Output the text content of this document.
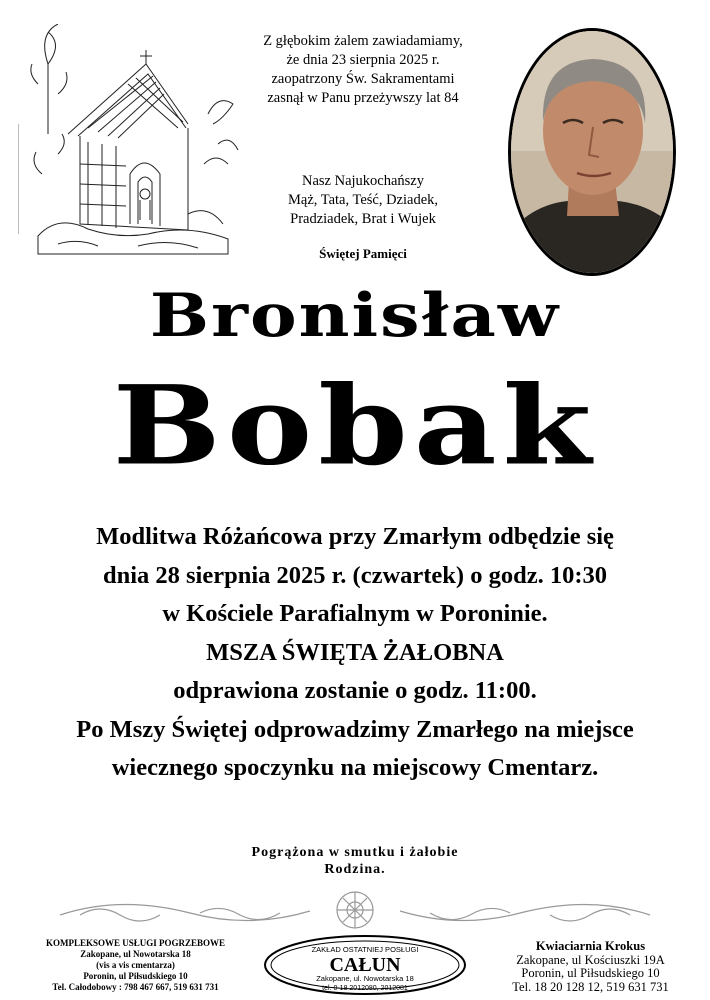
Z głębokim żalem zawiadamiamy,
że dnia 23 sierpnia 2025 r.
zaopatrzony Św. Sakramentami
zasnął w Panu przeżywszy lat 84
Nasz Najukochańszy
Mąż, Tata, Teść, Dziadek,
Pradziadek, Brat i Wujek
Świętej Pamięci
Bronisław
Bobak
Modlitwa Różańcowa przy Zmarłym odbędzie się
dnia 28 sierpnia 2025 r. (czwartek) o godz. 10:30
w Kościele Parafialnym w Poroninie.
MSZA ŚWIĘTA ŻAŁOBNA
odprawiona zostanie o godz. 11:00.
Po Mszy Świętej odprowadzimy Zmarłego na miejsce
wiecznego spoczynku na miejscowy Cmentarz.
Pogrążona w smutku i żałobie
Rodzina.
KOMPLEKSOWE USŁUGI POGRZEBOWE
Zakopane, ul Nowotarska 18
(vis a vis cmentarza)
Poronin, ul Piłsudskiego 10
Tel. Całodobowy : 798 467 667, 519 631 731
ZAKŁAD OSTATNIEJ POSŁUGI
CAŁUN
Zakopane, ul. Nowotarska 18
tel. 0-18 2012080, 2012081
Kwiaciarnia Krokus
Zakopane, ul Kościuszki 19A
Poronin, ul Piłsudskiego 10
Tel. 18 20 128 12, 519 631 731
